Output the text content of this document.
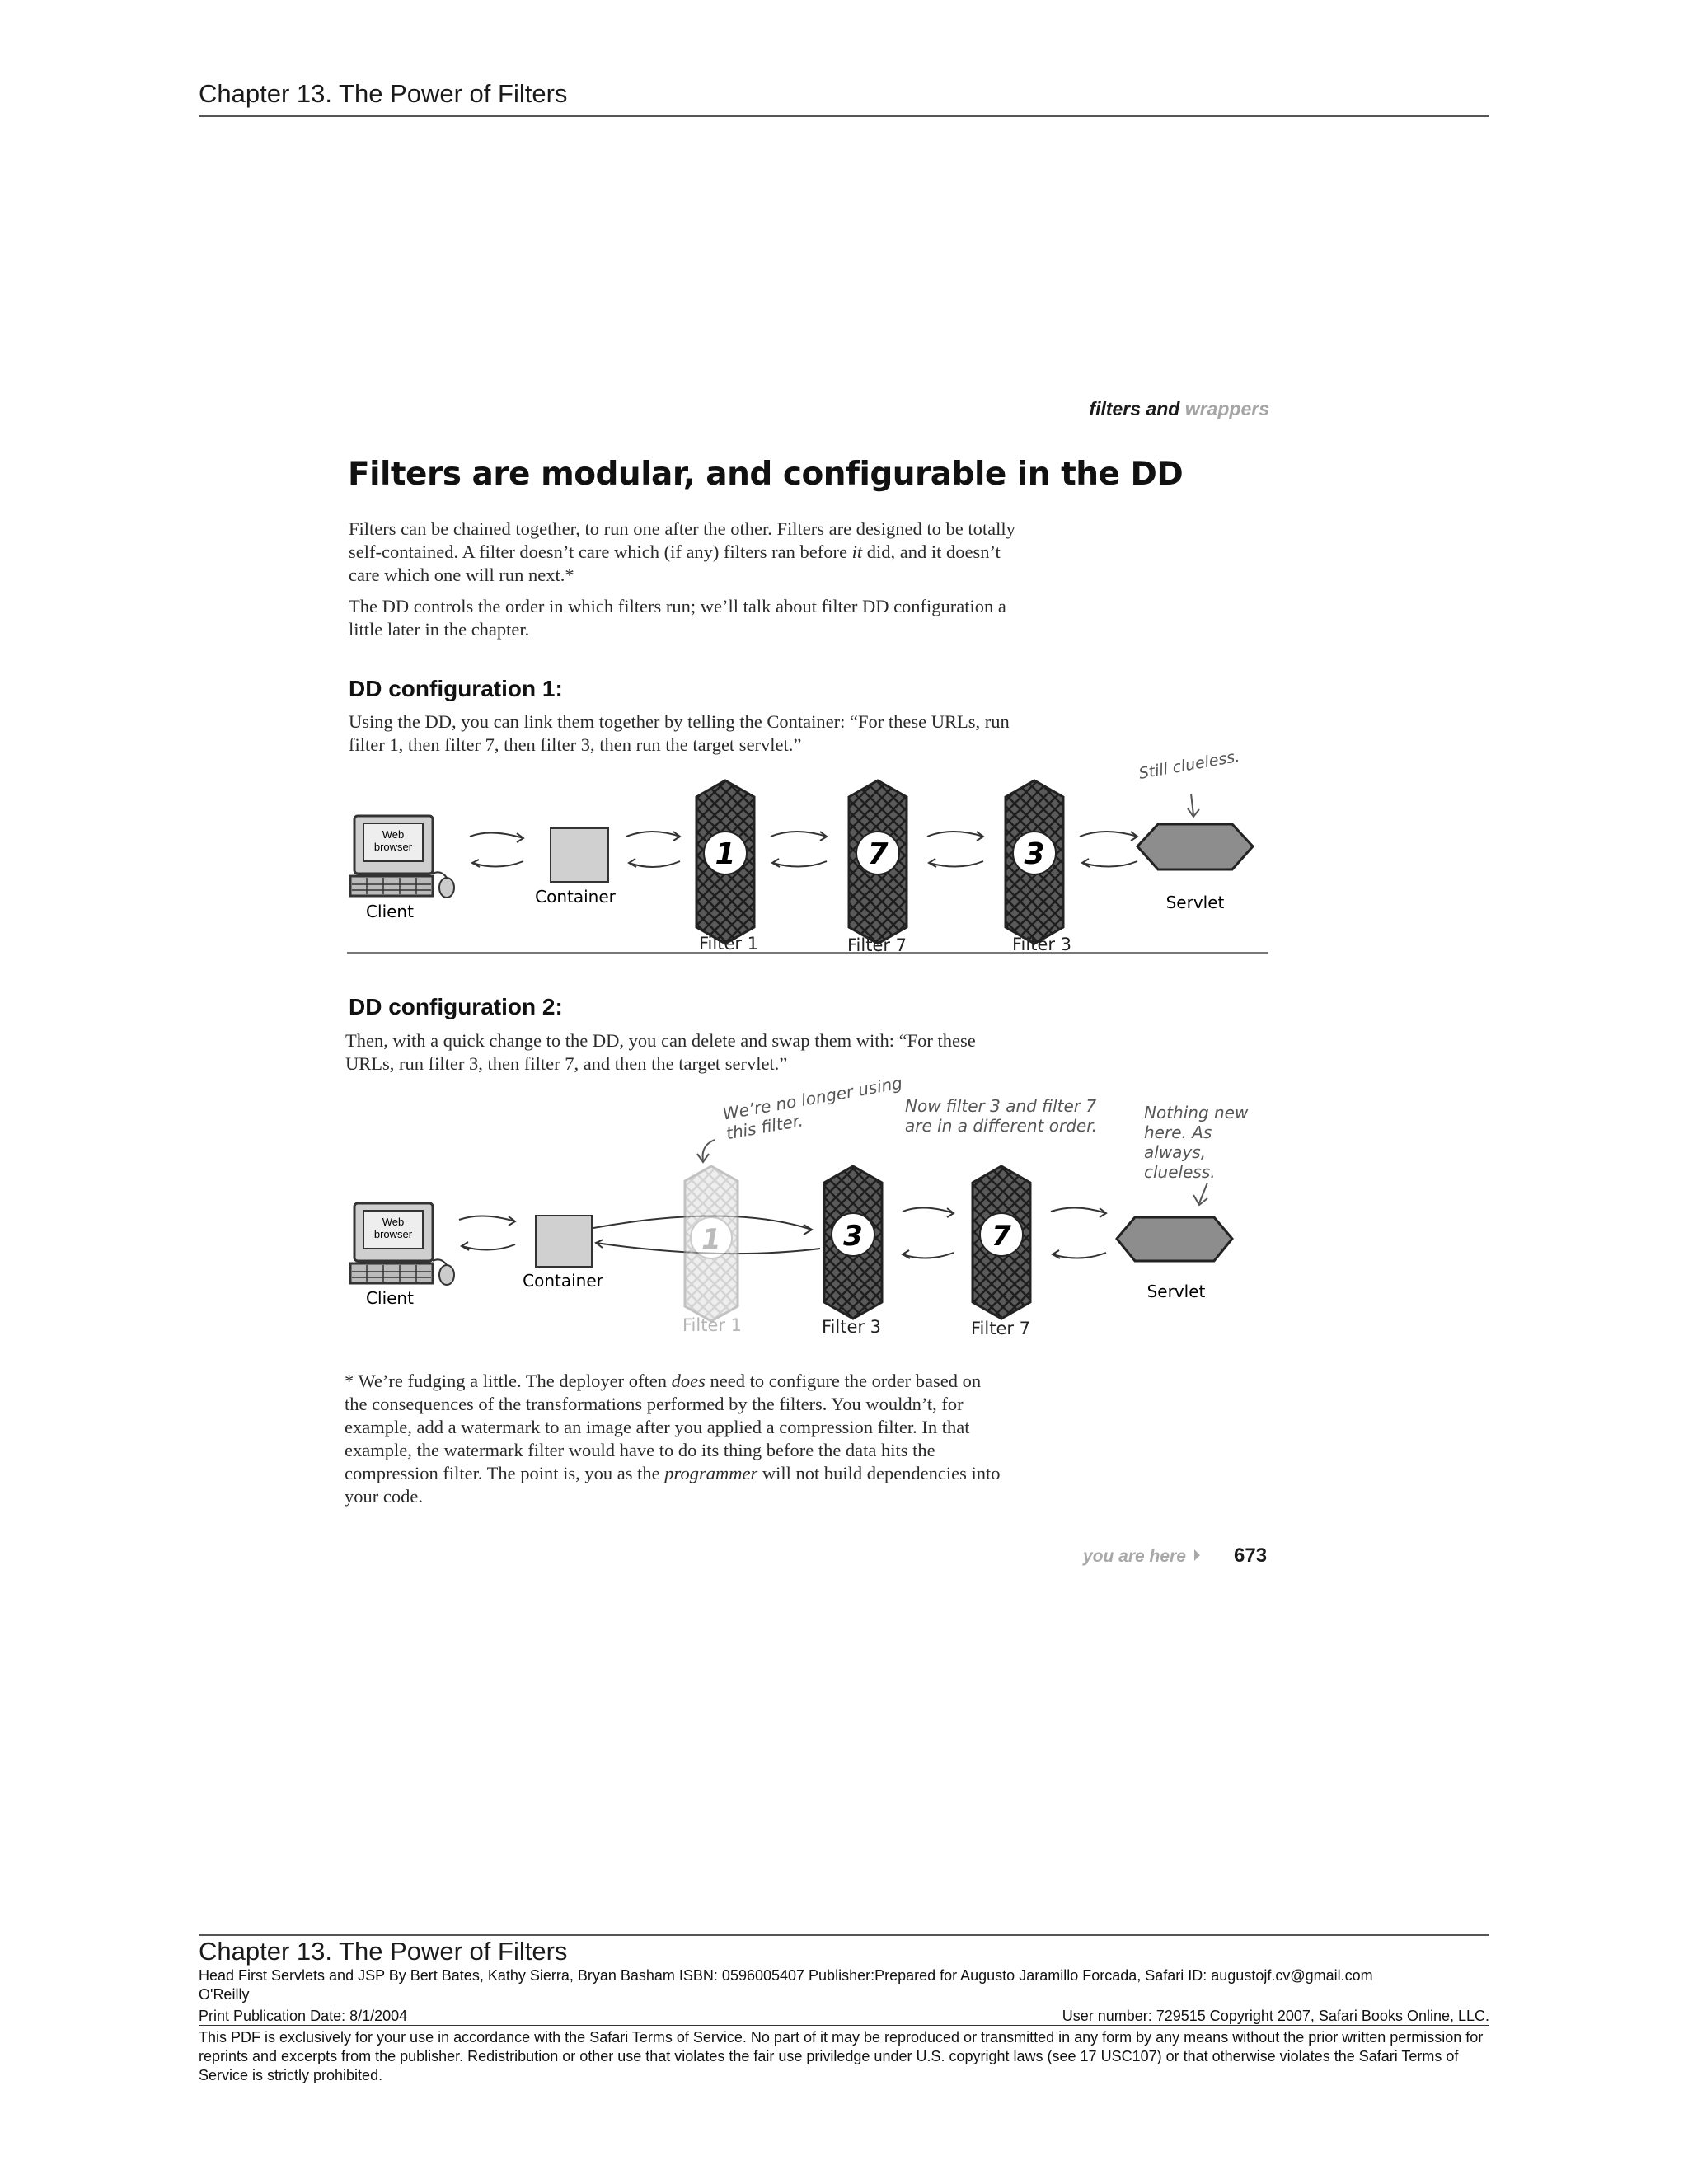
Chapter 13. The Power of Filters
filters and wrappers
Filters are modular, and configurable in the DD
Filters can be chained together, to run one after the other. Filters are designed to be totally self-contained. A filter doesn’t care which (if any) filters ran before it did, and it doesn’t care which one will run next.*
The DD controls the order in which filters run; we’ll talk about filter DD configuration a little later in the chapter.
DD configuration 1:
Using the DD, you can link them together by telling the Container: “For these URLs, run filter 1, then filter 7, then filter 3, then run the target servlet.”
Web browser
Client
Container
1	7	3
Servlet
Still clueless.
Filter 1	Filter 7	Filter 3
DD configuration 2:
Then, with a quick change to the DD, you can delete and swap them with: “For these URLs, run filter 3, then filter 7, and then the target servlet.”
Web browser
Client
Container
1	3	7
Servlet
We’re no longer using this filter.
Now filter 3 and filter 7 are in a different order.
Nothing new here. As always, clueless.
Filter 1	Filter 3	Filter 7
* We’re fudging a little. The deployer often does need to configure the order based on the consequences of the transformations performed by the filters. You wouldn’t, for example, add a watermark to an image after you applied a compression filter. In that example, the watermark filter would have to do its thing before the data hits the compression filter. The point is, you as the programmer will not build dependencies into your code.
you are here 673
Chapter 13. The Power of Filters
Head First Servlets and JSP By Bert Bates, Kathy Sierra, Bryan Basham ISBN: 0596005407 Publisher:Prepared for Augusto Jaramillo Forcada, Safari ID: augustojf.cv@gmail.com
O'Reilly
Print Publication Date: 8/1/2004	User number: 729515 Copyright 2007, Safari Books Online, LLC.
This PDF is exclusively for your use in accordance with the Safari Terms of Service. No part of it may be reproduced or transmitted in any form by any means without the prior written permission for reprints and excerpts from the publisher. Redistribution or other use that violates the fair use priviledge under U.S. copyright laws (see 17 USC107) or that otherwise violates the Safari Terms of Service is strictly prohibited.
